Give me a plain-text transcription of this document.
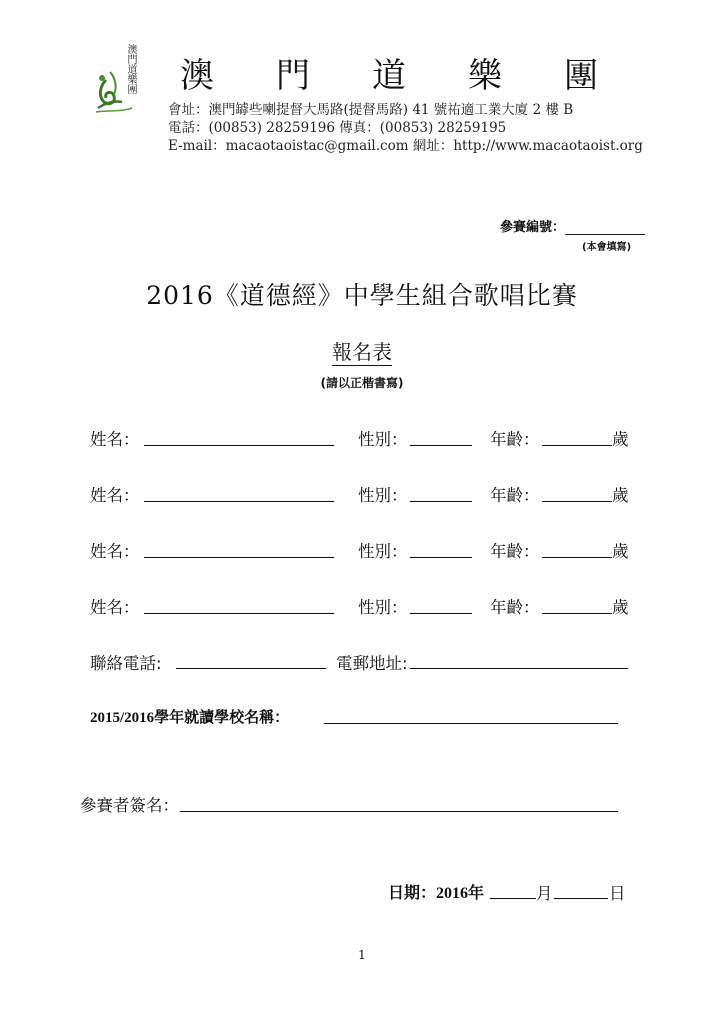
澳門道樂團 澳 門 道 樂 團
會址：澳門罅些喇提督大馬路(提督馬路) 41 號祐適工業大廈 2 樓 B
電話：(00853) 28259196 傳真：(00853) 28259195
E-mail：macaotaoistac@gmail.com 網址：http://www.macaotaoist.org
參賽編號：
(本會填寫)
2016《道德經》中學生組合歌唱比賽
報名表
(請以正楷書寫)
姓名：	性別：	年齡：	歲
姓名：	性別：	年齡：	歲
姓名：	性別：	年齡：	歲
姓名：	性別：	年齡：	歲
聯絡電話:	電郵地址:
2015/2016學年就讀學校名稱：
參賽者簽名：
日期：2016年	月	日
1
